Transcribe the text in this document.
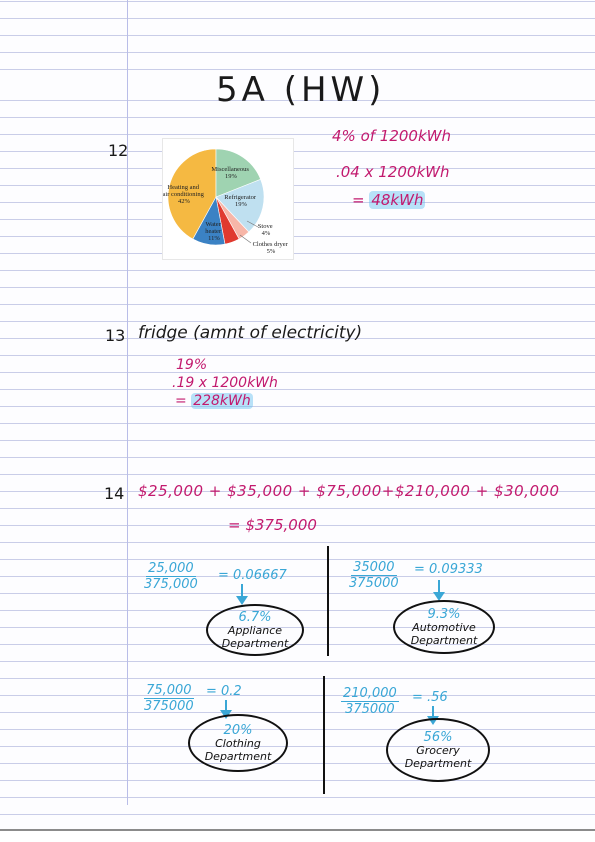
5A (HW)
12
Heating and air conditioning 42%
Miscellaneous 19%
Refrigerator 19%
Water heater 11%
Stove 4%
Clothes dryer 5%
4% of 1200kWh
.04 x 1200kWh
= 48kWh
13 fridge (amnt of electricity)
19%
.19 x 1200kWh
= 228kWh
14 $25,000 + $35,000 + $75,000+$210,000 + $30,000
= $375,000
$\frac{25,000}{375,000} = 0.06667$
6.7%
Appliance
Department
$\frac{35000}{375000} = 0.09333$
9.3%
Automotive
Department
$\frac{75,000}{375000} = 0.2$
20%
Clothing
Department
$\frac{210,000}{375000} = .56$
56%
Grocery
Department
